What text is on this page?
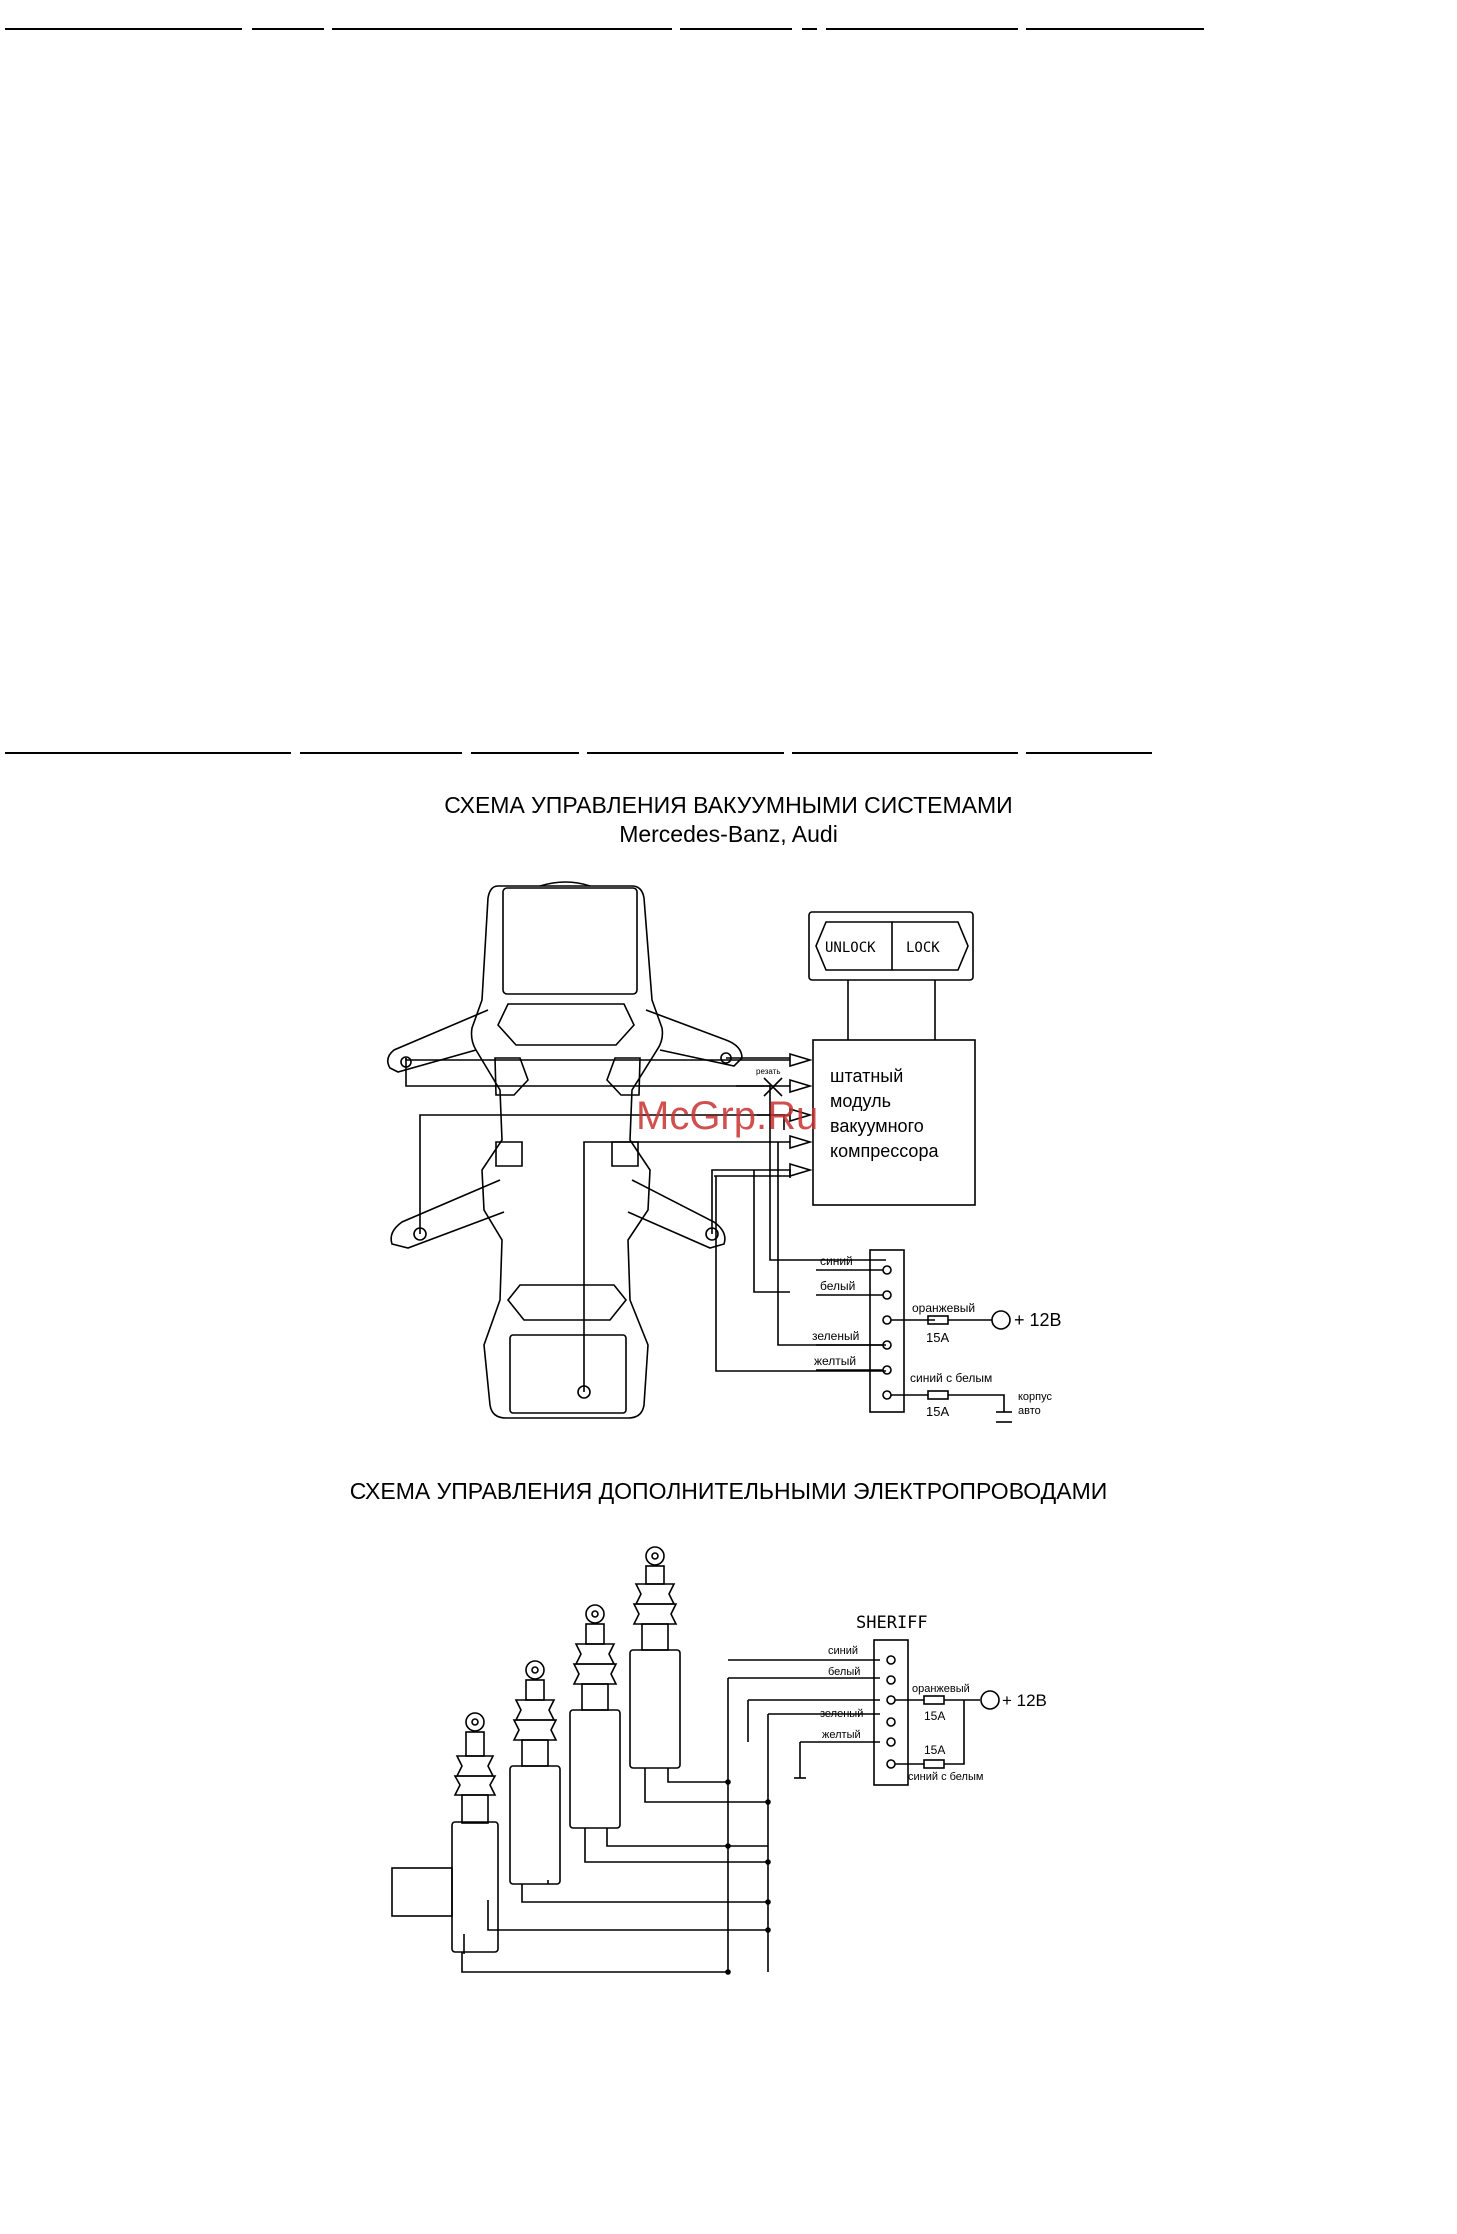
СХЕМА УПРАВЛЕНИЯ ВАКУУМНЫМИ СИСТЕМАМИ
Mercedes-Banz, Audi
СХЕМА УПРАВЛЕНИЯ ДОПОЛНИТЕЛЬНЫМИ ЭЛЕКТРОПРОВОДАМИ
UNLOCK LOCK
штатный
модуль
вакуумного
компрессора
резать
синий
белый
зеленый
желтый
оранжевый
15А
+ 12В
синий с белым
15А
корпус
авто
SHERIFF
синий
белый
зеленый
желтый
оранжевый
15А
+ 12В
15А
синий с белым
McGrp.Ru
